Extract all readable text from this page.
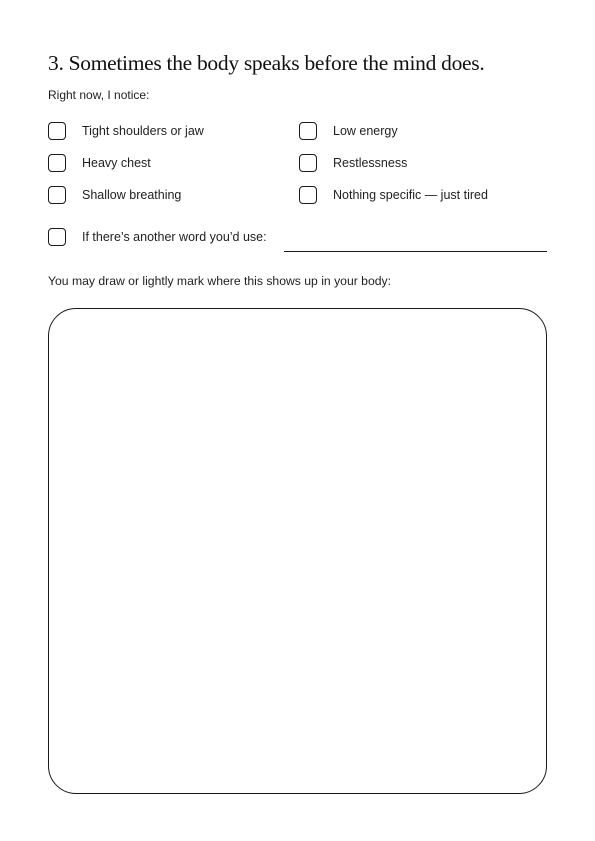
3. Sometimes the body speaks before the mind does.
Right now, I notice:
Tight shoulders or jaw
Heavy chest
Shallow breathing
Low energy
Restlessness
Nothing specific — just tired
If there’s another word you’d use:
You may draw or lightly mark where this shows up in your body:
